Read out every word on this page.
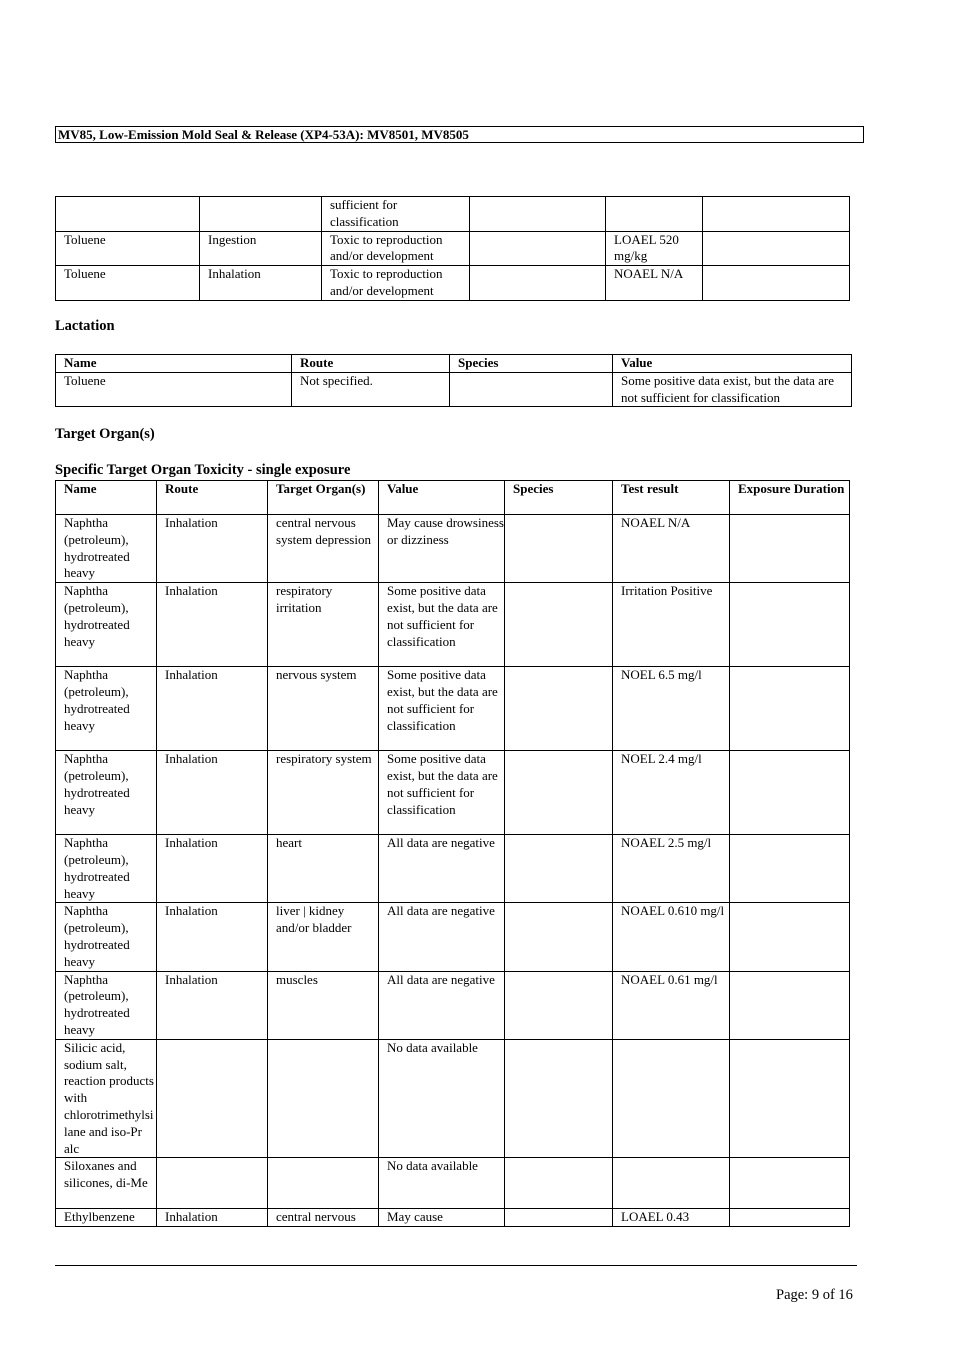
MV85, Low-Emission Mold Seal & Release (XP4-53A): MV8501, MV8505
		sufficient for classification			
Toluene	Ingestion	Toxic to reproduction and/or development		LOAEL 520 mg/kg	
Toluene	Inhalation	Toxic to reproduction and/or development		NOAEL N/A	
Lactation
Name	Route	Species	Value
Toluene	Not specified.		Some positive data exist, but the data are not sufficient for classification
Target Organ(s)
Specific Target Organ Toxicity - single exposure
Name	Route	Target Organ(s)	Value	Species	Test result	Exposure Duration
Naphtha (petroleum), hydrotreated heavy	Inhalation	central nervous system depression	May cause drowsiness or dizziness		NOAEL N/A	
Naphtha (petroleum), hydrotreated heavy	Inhalation	respiratory irritation	Some positive data exist, but the data are not sufficient for classification		Irritation Positive	
Naphtha (petroleum), hydrotreated heavy	Inhalation	nervous system	Some positive data exist, but the data are not sufficient for classification		NOEL 6.5 mg/l	
Naphtha (petroleum), hydrotreated heavy	Inhalation	respiratory system	Some positive data exist, but the data are not sufficient for classification		NOEL 2.4 mg/l	
Naphtha (petroleum), hydrotreated heavy	Inhalation	heart	All data are negative		NOAEL 2.5 mg/l	
Naphtha (petroleum), hydrotreated heavy	Inhalation	liver | kidney and/or bladder	All data are negative		NOAEL 0.610 mg/l	
Naphtha (petroleum), hydrotreated heavy	Inhalation	muscles	All data are negative		NOAEL 0.61 mg/l	
Silicic acid, sodium salt, reaction products with chlorotrimethylsilane and iso-Pr alc			No data available			
Siloxanes and silicones, di-Me			No data available			
Ethylbenzene	Inhalation	central nervous	May cause		LOAEL 0.43	
Page: 9 of 16
